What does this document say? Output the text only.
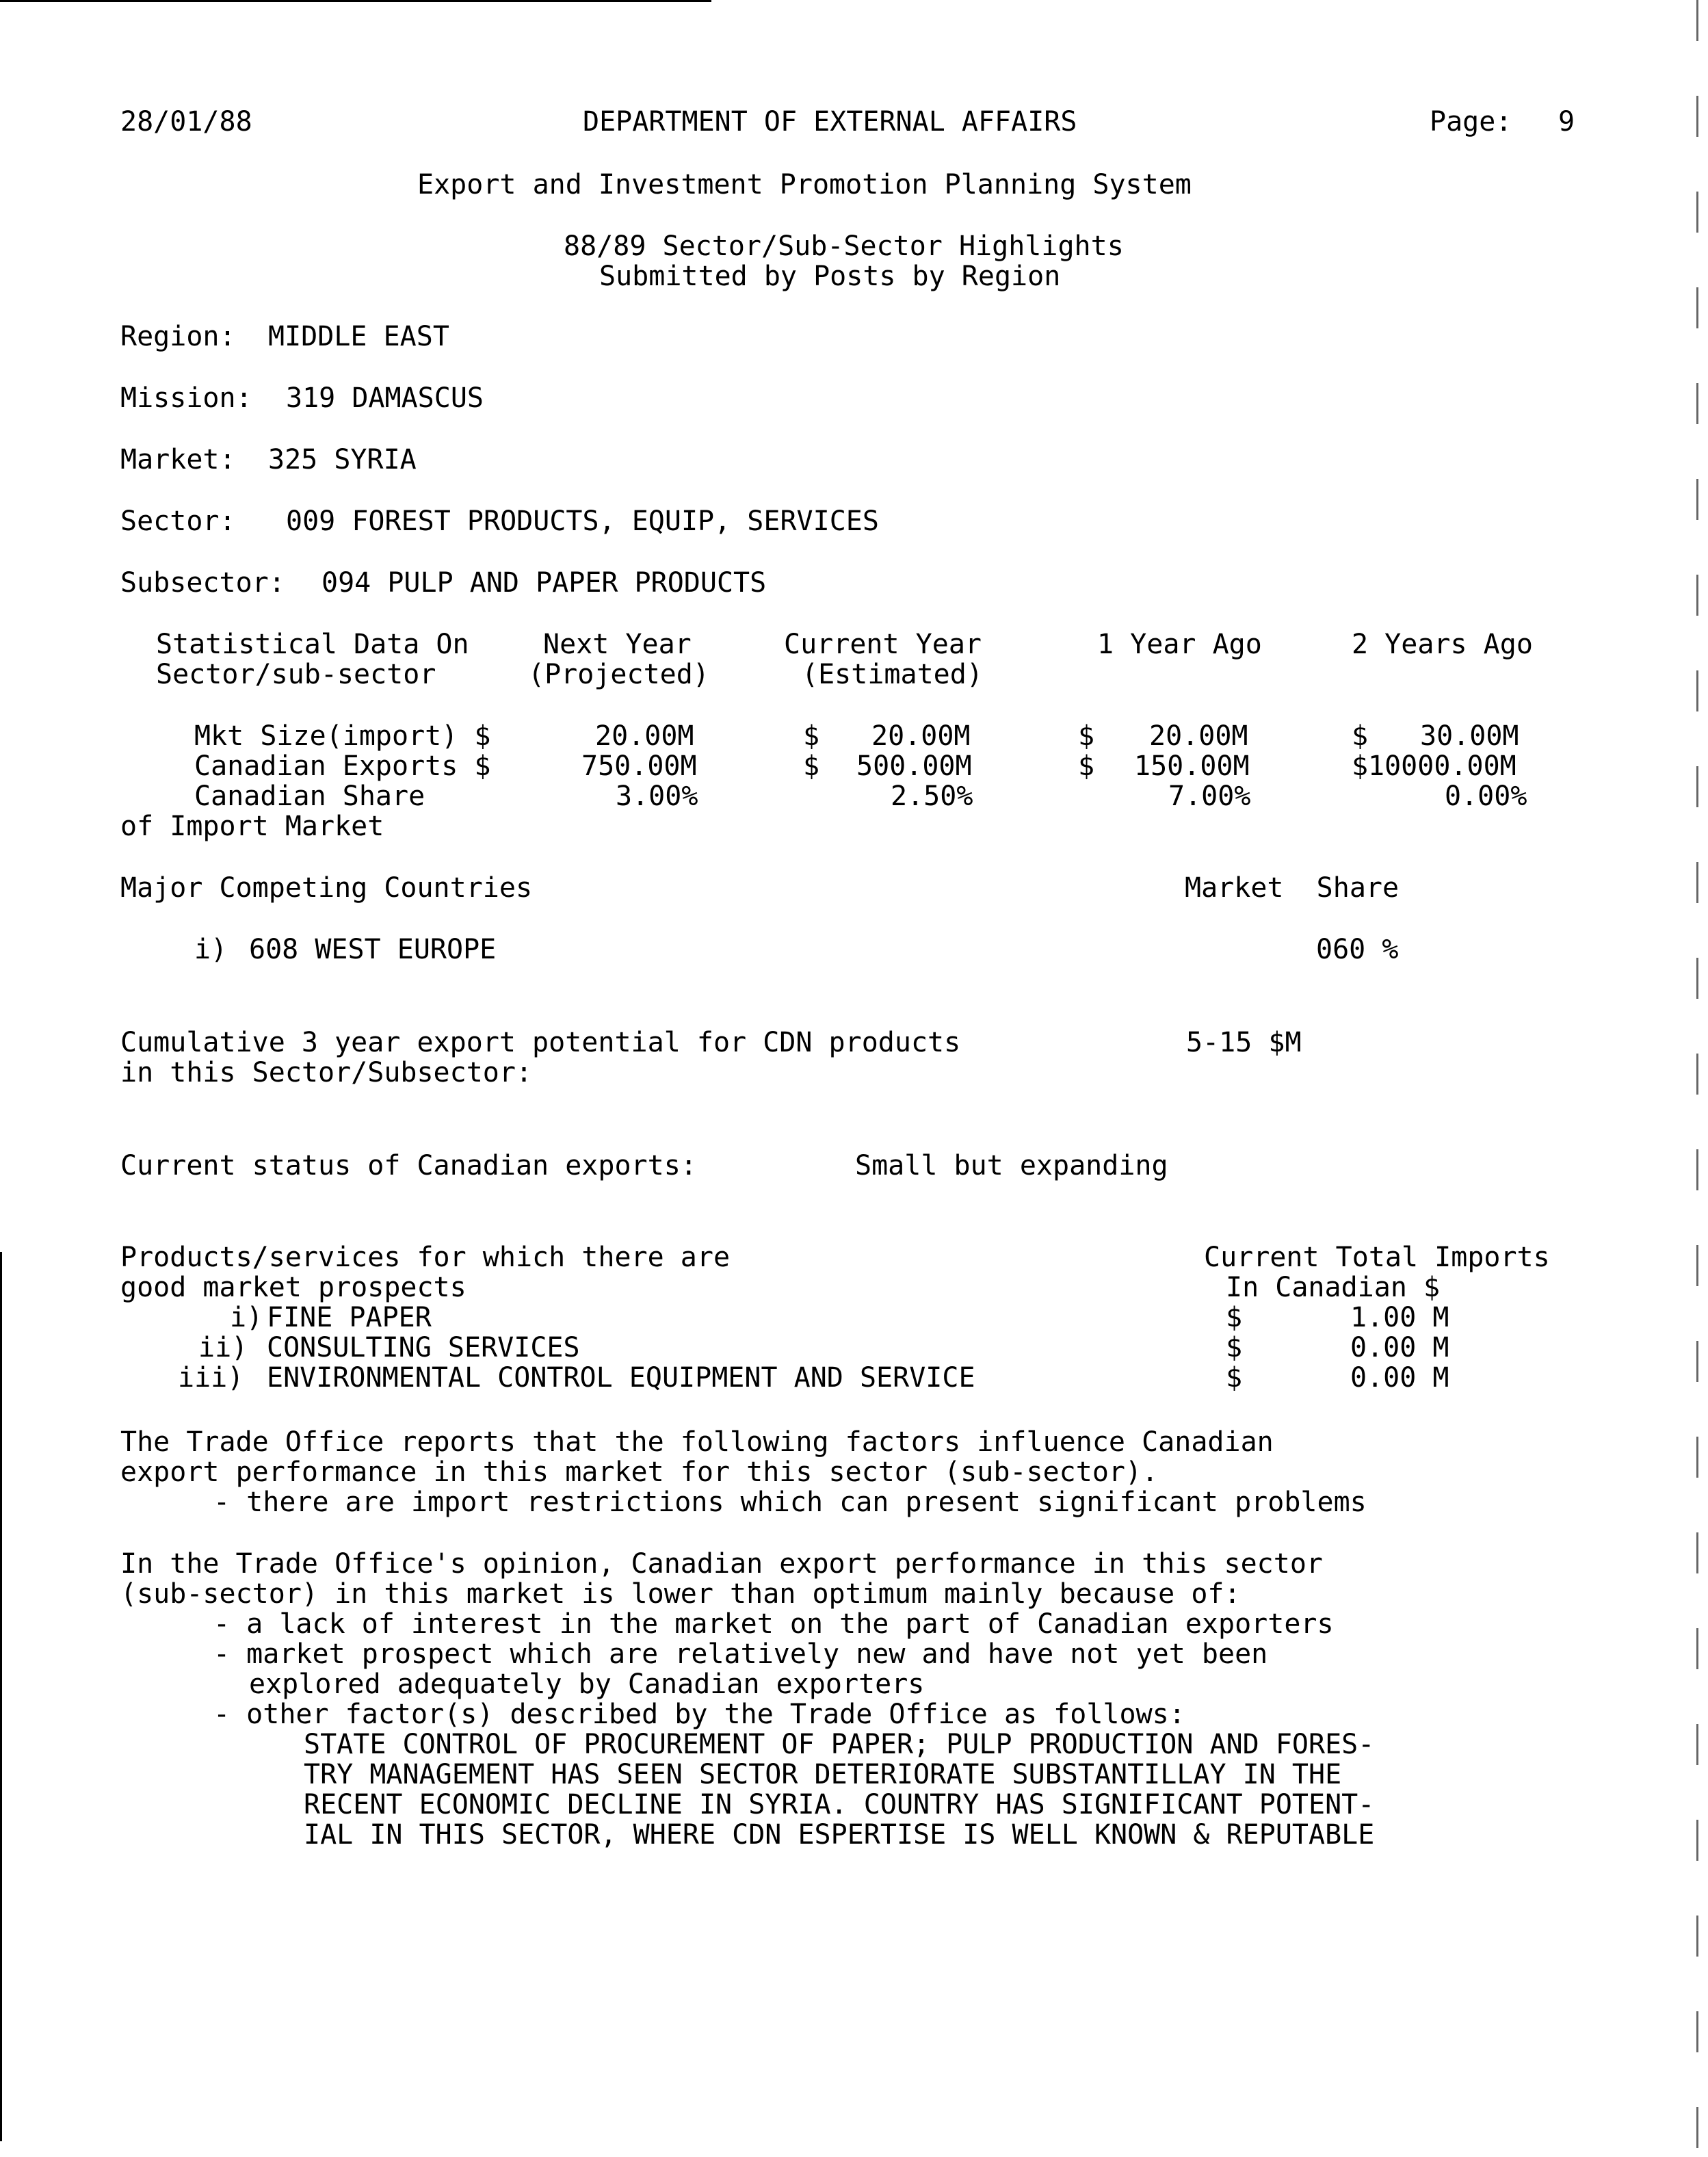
28/01/88	DEPARTMENT OF EXTERNAL AFFAIRS	Page: 9
Export and Investment Promotion Planning System
88/89 Sector/Sub-Sector Highlights
Submitted by Posts by Region
Region: MIDDLE EAST
Mission: 319 DAMASCUS
Market: 325 SYRIA
Sector: 009 FOREST PRODUCTS, EQUIP, SERVICES
Subsector: 094 PULP AND PAPER PRODUCTS
Statistical Data On	Next Year	Current Year	1 Year Ago	2 Years Ago
Sector/sub-sector	(Projected)	(Estimated)
Mkt Size(import) $	20.00M	$ 20.00M	$ 20.00M	$ 30.00M
Canadian Exports $	750.00M	$ 500.00M	$ 150.00M	$ 10000.00M
Canadian Share	3.00%	2.50%	7.00%	0.00%
of Import Market
Major Competing Countries	Market  Share
i) 608 WEST EUROPE	060 %
Cumulative 3 year export potential for CDN products
in this Sector/Subsector:
5-15 $M
Current status of Canadian exports:	Small but expanding
Products/services for which there are
good market prospects
Current Total Imports
In Canadian $
i) FINE PAPER	$	1.00 M
ii) CONSULTING SERVICES	$	0.00 M
iii) ENVIRONMENTAL CONTROL EQUIPMENT AND SERVICE	$	0.00 M
The Trade Office reports that the following factors influence Canadian
export performance in this market for this sector (sub-sector).
- there are import restrictions which can present significant problems
In the Trade Office's opinion, Canadian export performance in this sector
(sub-sector) in this market is lower than optimum mainly because of:
- a lack of interest in the market on the part of Canadian exporters
- market prospect which are relatively new and have not yet been
explored adequately by Canadian exporters
- other factor(s) described by the Trade Office as follows:
STATE CONTROL OF PROCUREMENT OF PAPER; PULP PRODUCTION AND FORES-
TRY MANAGEMENT HAS SEEN SECTOR DETERIORATE SUBSTANTILLAY IN THE
RECENT ECONOMIC DECLINE IN SYRIA. COUNTRY HAS SIGNIFICANT POTENT-
IAL IN THIS SECTOR, WHERE CDN ESPERTISE IS WELL KNOWN & REPUTABLE
